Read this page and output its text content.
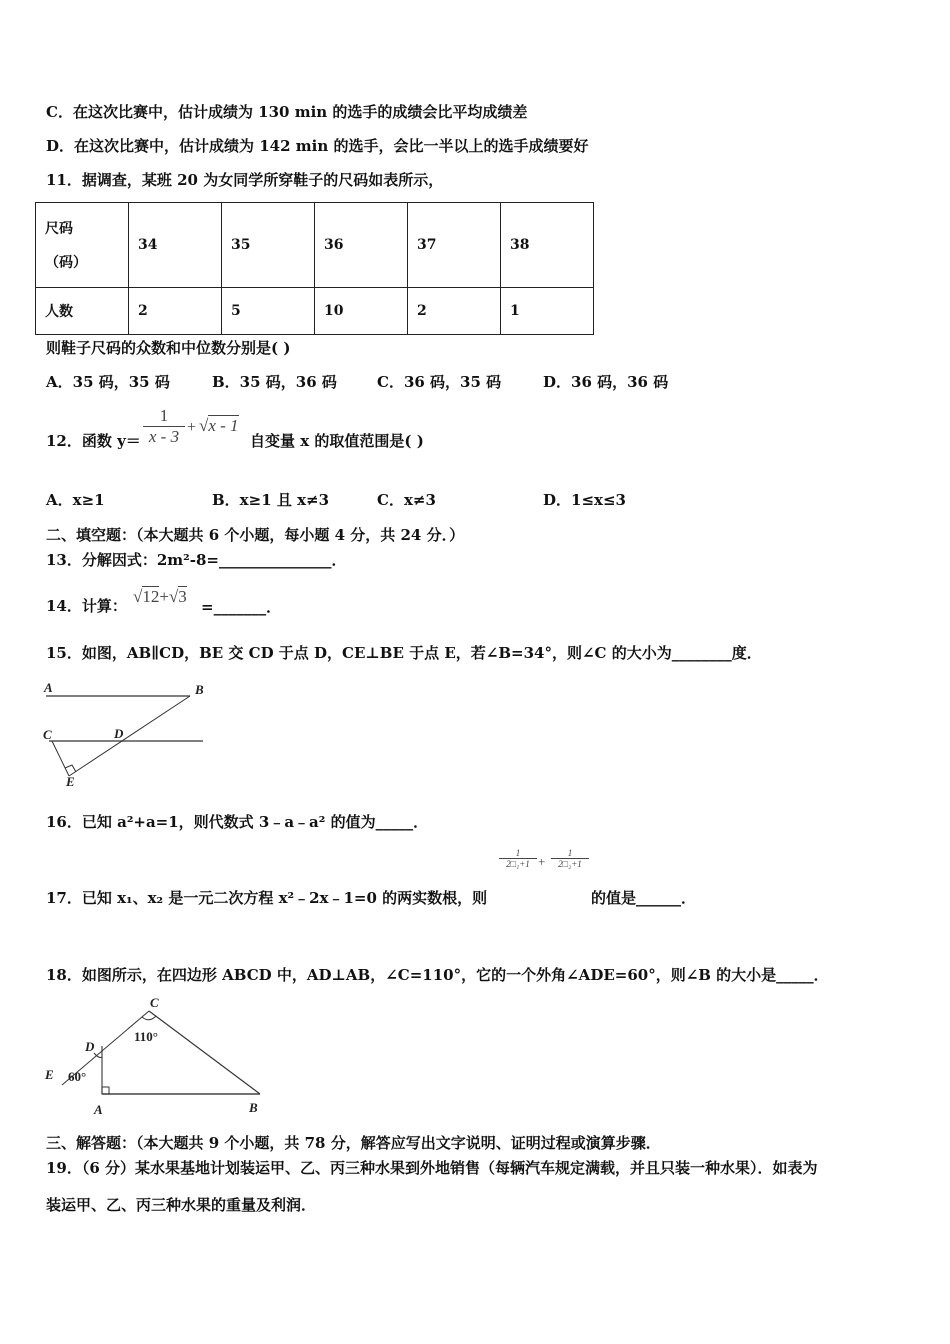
C．在这次比赛中，估计成绩为 130 min 的选手的成绩会比平均成绩差
D．在这次比赛中，估计成绩为 142 min 的选手，会比一半以上的选手成绩要好
11．据调查，某班 20 为女同学所穿鞋子的尺码如表所示，
尺码
（码）	34	35	36	37	38
人数	2	5	10	2	1
则鞋子尺码的众数和中位数分别是( )
A．35 码，35 码	B．35 码，36 码	C．36 码，35 码	D．36 码，36 码
12．函数 $y= \frac{1}{x - 3} + √x - 1$
自变量 x 的取值范围是( )
A．x≥1	B．x≥1 且 x≠3	C．x≠3	D．1≤x≤3
二、填空题：（本大题共 6 个小题，每小题 4 分，共 24 分．）
13．分解因式：2m²-8=_______________．
14．计算： √12+√3
=_______．
15．如图，AB∥CD，BE 交 CD 于点 D，CE⊥BE 于点 E，若∠B=34°，则∠C 的大小为________度．
A	B
C	D
E
16．已知 a²+a=1，则代数式 3﹣a﹣a² 的值为_____．
$\frac{1}{\text{2□₁+1}} + \frac{1}{\text{2□₂+1}}$
17．已知 x₁、x₂ 是一元二次方程 x²﹣2x﹣1=0 的两实数根，则	的值是______．
18．如图所示，在四边形 ABCD 中，AD⊥AB，∠C=110°，它的一个外角∠ADE=60°，则∠B 的大小是_____．
C
110°
D
E 60°
A	B
三、解答题：（本大题共 9 个小题，共 78 分，解答应写出文字说明、证明过程或演算步骤．
19．（6 分）某水果基地计划装运甲、乙、丙三种水果到外地销售（每辆汽车规定满载，并且只装一种水果）．如表为
装运甲、乙、丙三种水果的重量及利润．
